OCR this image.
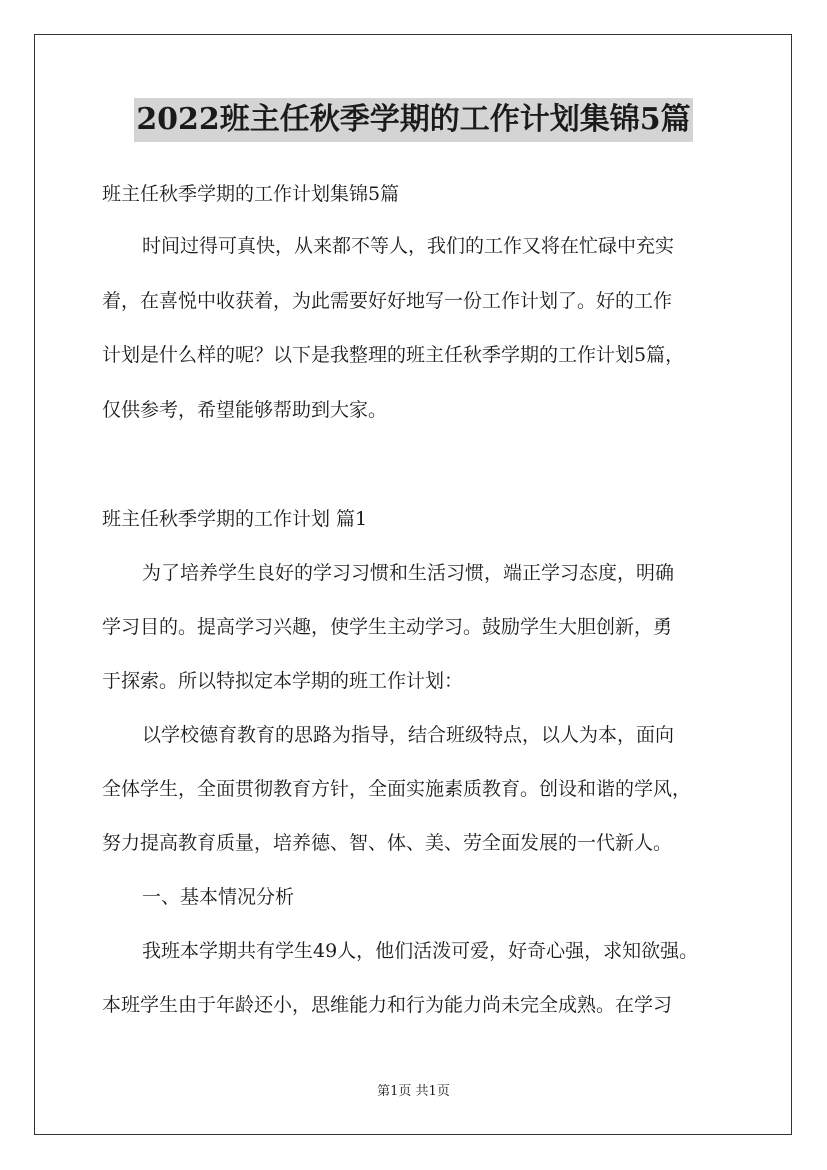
2022班主任秋季学期的工作计划集锦5篇
班主任秋季学期的工作计划集锦5篇
时间过得可真快，从来都不等人，我们的工作又将在忙碌中充实
着，在喜悦中收获着，为此需要好好地写一份工作计划了。好的工作
计划是什么样的呢？以下是我整理的班主任秋季学期的工作计划5篇，
仅供参考，希望能够帮助到大家。
班主任秋季学期的工作计划 篇1
为了培养学生良好的学习习惯和生活习惯，端正学习态度，明确
学习目的。提高学习兴趣，使学生主动学习。鼓励学生大胆创新，勇
于探索。所以特拟定本学期的班工作计划：
以学校德育教育的思路为指导，结合班级特点，以人为本，面向
全体学生，全面贯彻教育方针，全面实施素质教育。创设和谐的学风，
努力提高教育质量，培养德、智、体、美、劳全面发展的一代新人。
一、基本情况分析
我班本学期共有学生49人，他们活泼可爱，好奇心强，求知欲强。
本班学生由于年龄还小，思维能力和行为能力尚未完全成熟。在学习
第1页 共1页
